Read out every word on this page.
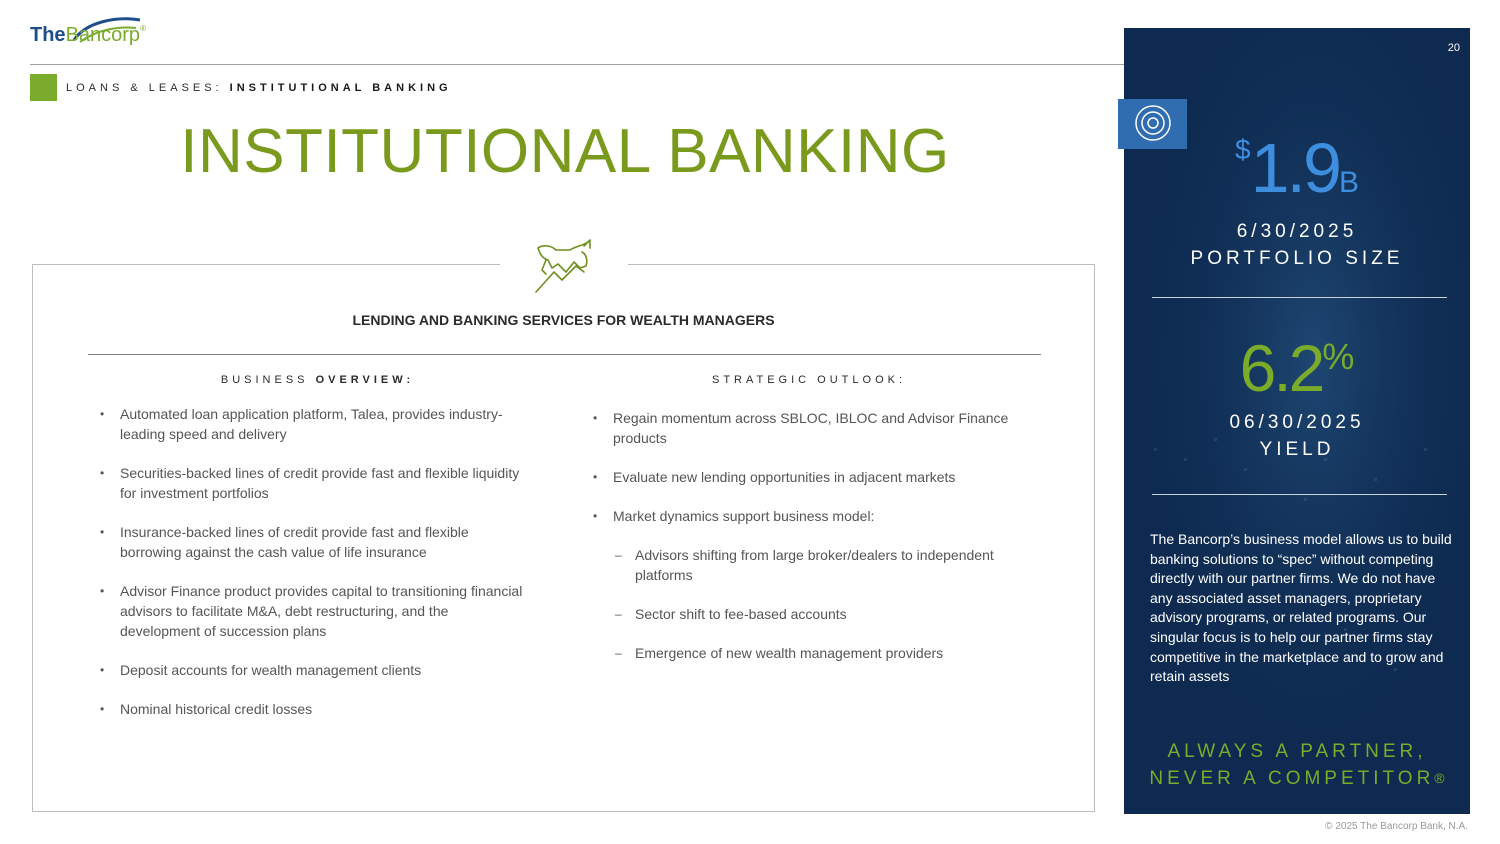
TheBancorp®
LOANS & LEASES: INSTITUTIONAL BANKING
INSTITUTIONAL BANKING
LENDING AND BANKING SERVICES FOR WEALTH MANAGERS
BUSINESS OVERVIEW:	STRATEGIC OUTLOOK:
• Automated loan application platform, Talea, provides industry-leading speed and delivery
• Securities-backed lines of credit provide fast and flexible liquidity for investment portfolios
• Insurance-backed lines of credit provide fast and flexible borrowing against the cash value of life insurance
• Advisor Finance product provides capital to transitioning financial advisors to facilitate M&A, debt restructuring, and the development of succession plans
• Deposit accounts for wealth management clients
• Nominal historical credit losses
• Regain momentum across SBLOC, IBLOC and Advisor Finance products
• Evaluate new lending opportunities in adjacent markets
• Market dynamics support business model:
– Advisors shifting from large broker/dealers to independent platforms
– Sector shift to fee-based accounts
– Emergence of new wealth management providers
20
$1.9B
6/30/2025
PORTFOLIO SIZE
6.2%
06/30/2025
YIELD
The Bancorp’s business model allows us to build banking solutions to “spec” without competing directly with our partner firms. We do not have any associated asset managers, proprietary advisory programs, or related programs. Our singular focus is to help our partner firms stay competitive in the marketplace and to grow and retain assets
ALWAYS A PARTNER,
NEVER A COMPETITOR®
© 2025 The Bancorp Bank, N.A.
